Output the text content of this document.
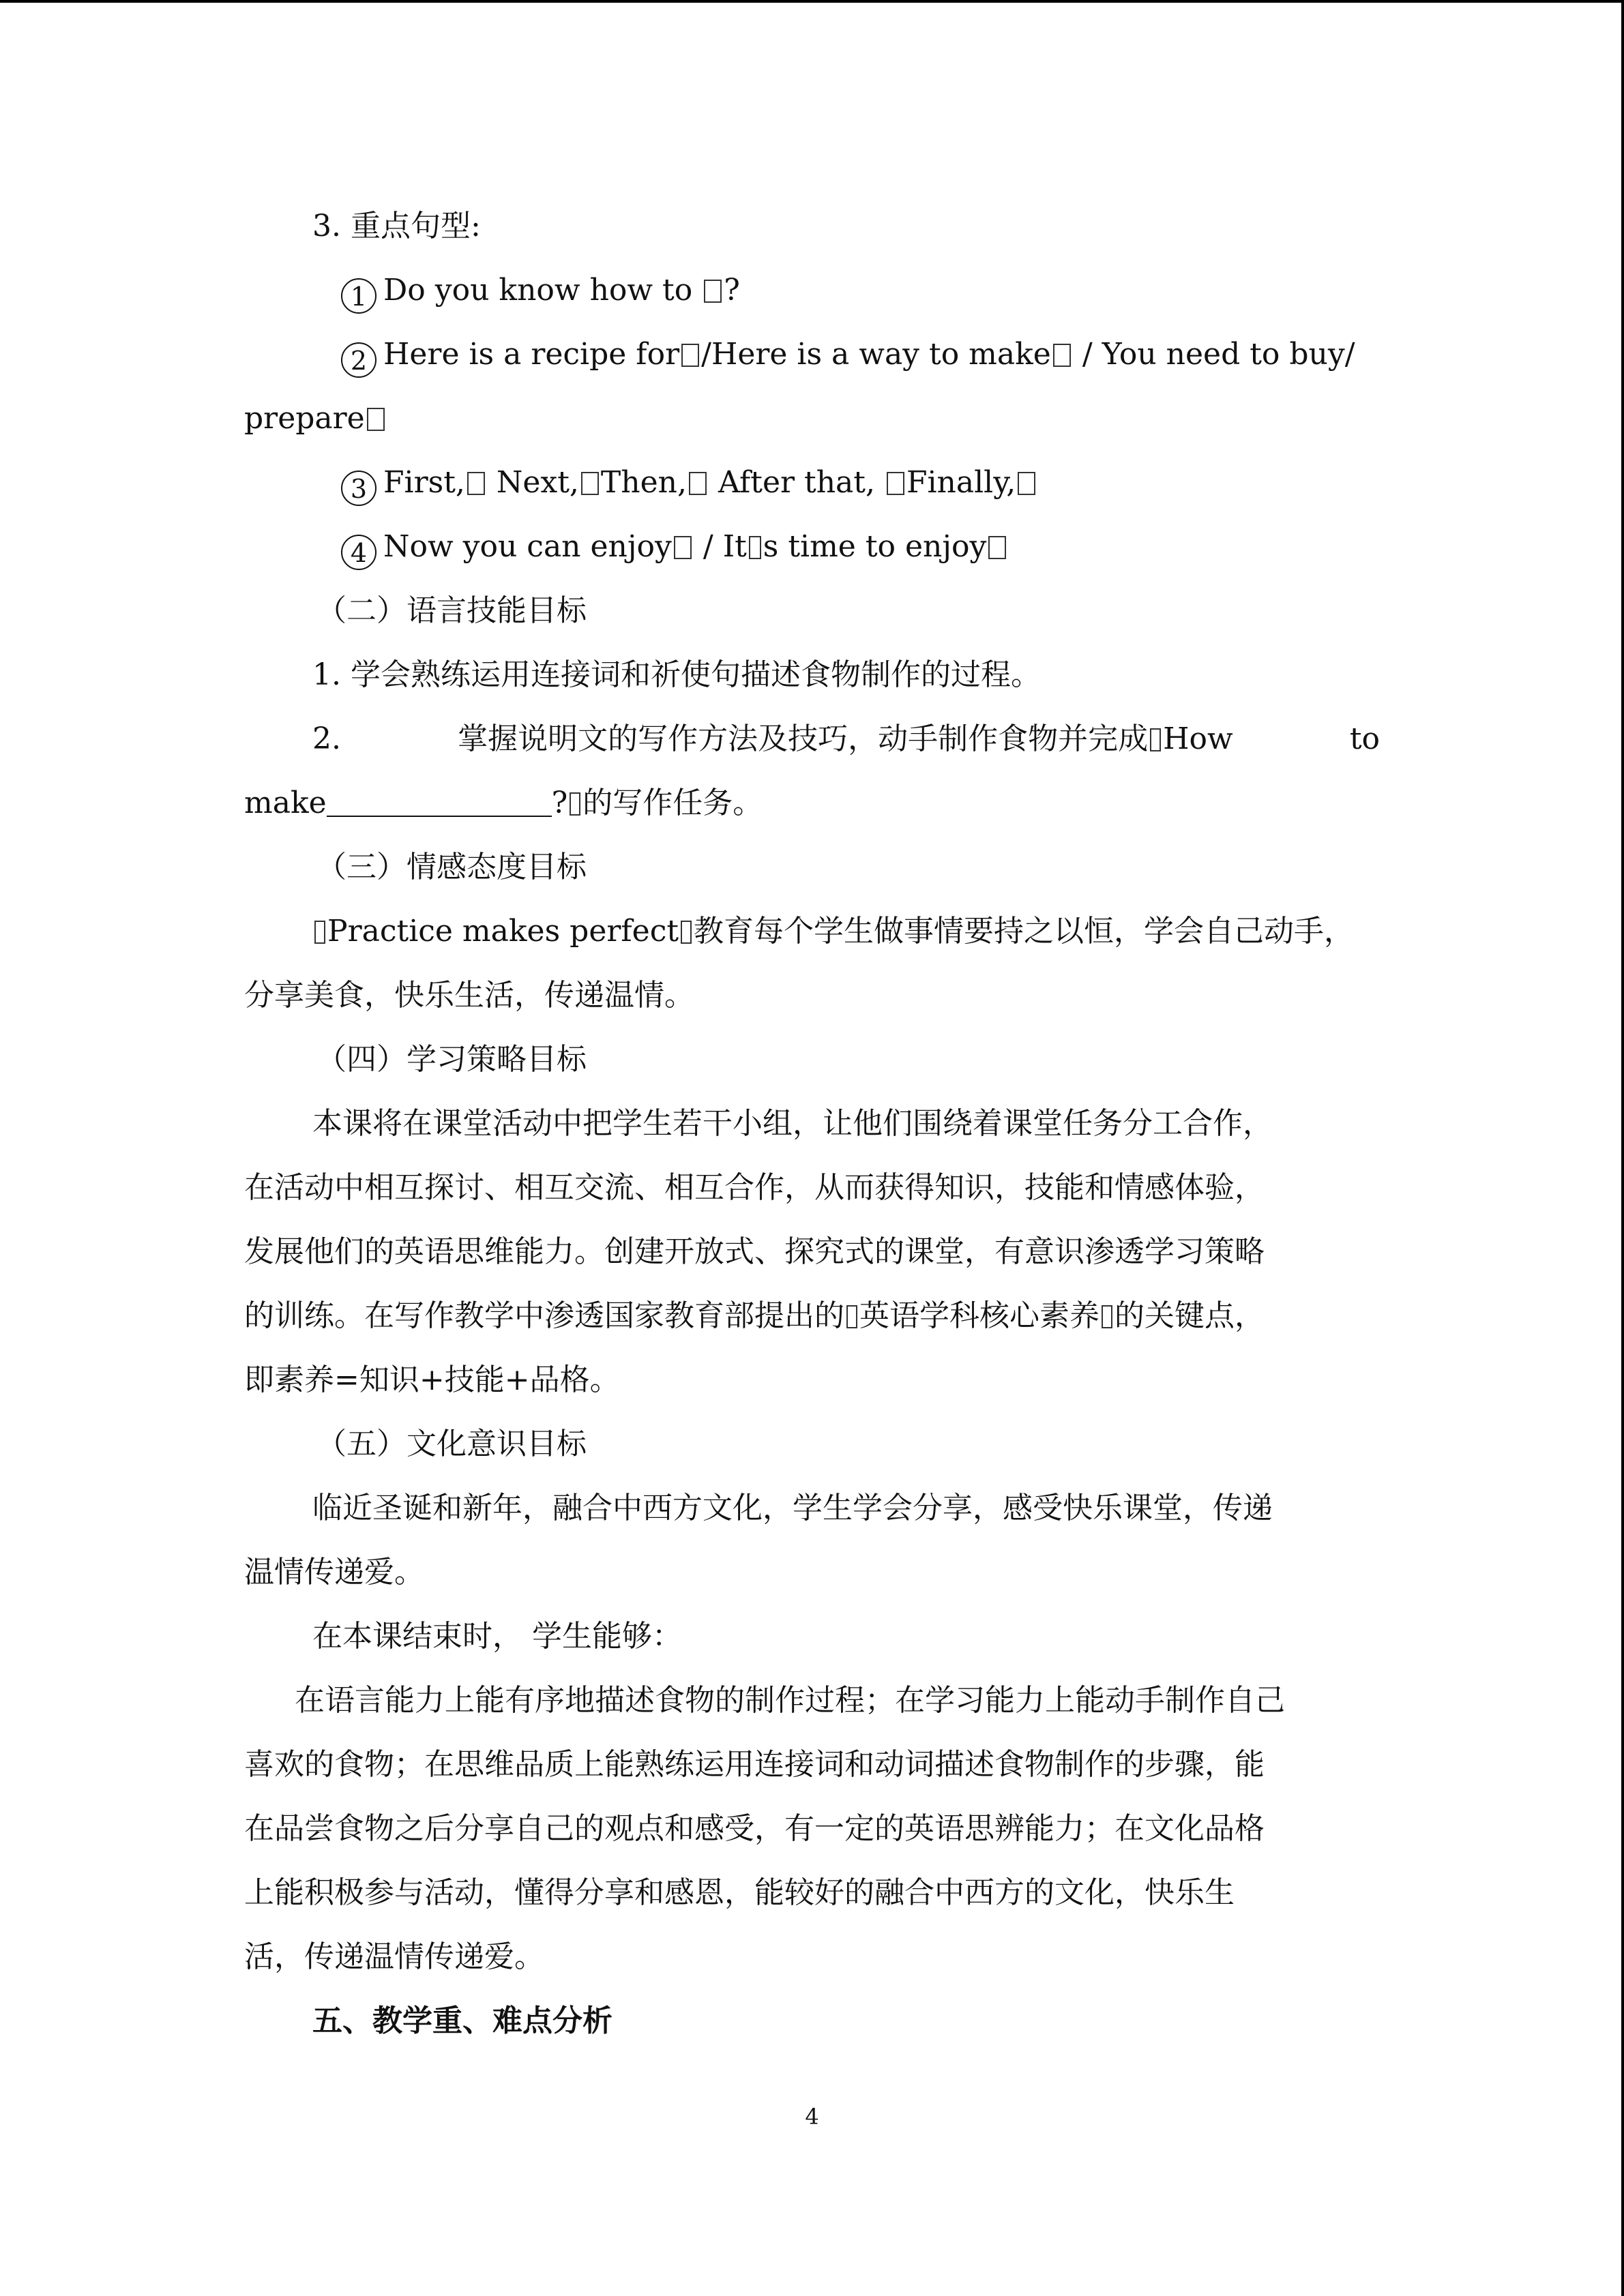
3. 重点句型:
1 Do you know how to ?
2 Here is a recipe for /Here is a way to make / You need to buy/
prepare
3 First, Next, Then, After that, Finally,
4 Now you can enjoy / It s time to enjoy
（二）语言技能目标
1. 学会熟练运用连接词和祈使句描述食物制作的过程。
2.	掌握说明文的写作方法及技巧，动手制作食物并完成 How	to
make	? 的写作任务。
（三）情感态度目标
Practice makes perfect 教育每个学生做事情要持之以恒，学会自己动手，
分享美食，快乐生活，传递温情。
（四）学习策略目标
本课将在课堂活动中把学生若干小组，让他们围绕着课堂任务分工合作，
在活动中相互探讨、相互交流、相互合作，从而获得知识，技能和情感体验，
发展他们的英语思维能力。创建开放式、探究式的课堂，有意识渗透学习策略
的训练。在写作教学中渗透国家教育部提出的 英语学科核心素养 的关键点，
即素养=知识+技能+品格。
（五）文化意识目标
临近圣诞和新年，融合中西方文化，学生学会分享，感受快乐课堂，传递
温情传递爱。
在本课结束时， 学生能够：
在语言能力上能有序地描述食物的制作过程；在学习能力上能动手制作自己
喜欢的食物；在思维品质上能熟练运用连接词和动词描述食物制作的步骤，能
在品尝食物之后分享自己的观点和感受，有一定的英语思辨能力；在文化品格
上能积极参与活动，懂得分享和感恩，能较好的融合中西方的文化，快乐生
活，传递温情传递爱。
五、教学重、难点分析
4
